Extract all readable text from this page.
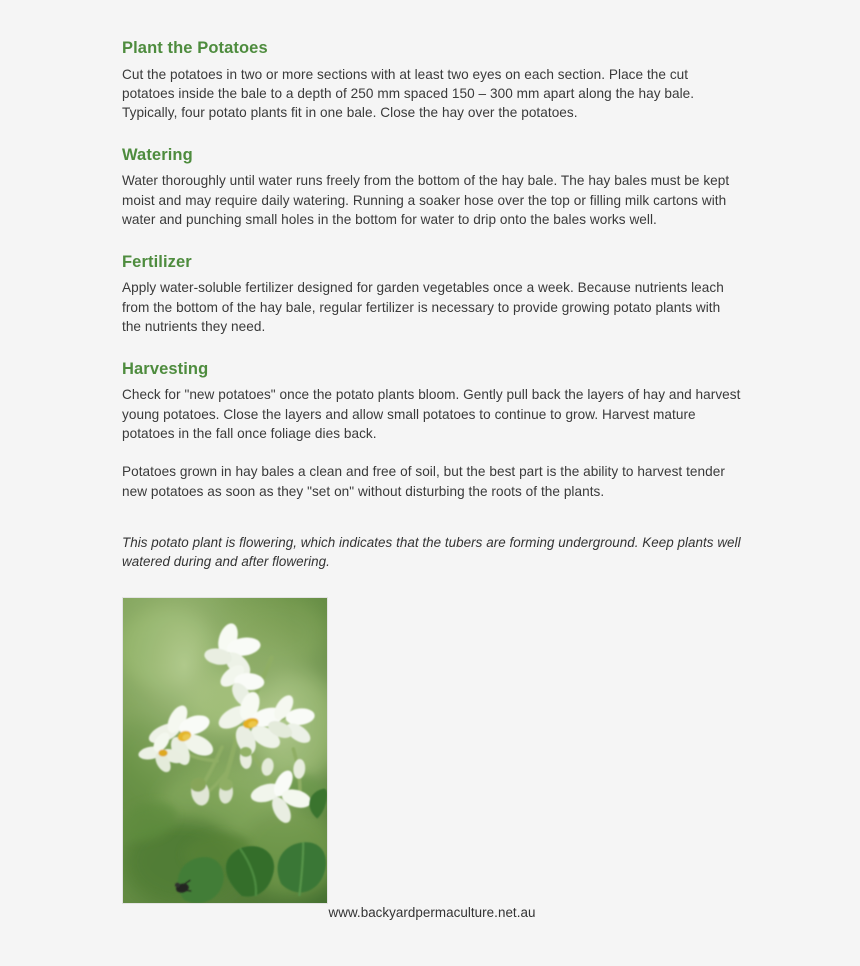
Plant the Potatoes

Cut the potatoes in two or more sections with at least two eyes on each section. Place the cut potatoes inside the bale to a depth of 250 mm spaced 150 – 300 mm apart along the hay bale. Typically, four potato plants fit in one bale. Close the hay over the potatoes.

Watering

Water thoroughly until water runs freely from the bottom of the hay bale. The hay bales must be kept moist and may require daily watering. Running a soaker hose over the top or filling milk cartons with water and punching small holes in the bottom for water to drip onto the bales works well.

Fertilizer

Apply water-soluble fertilizer designed for garden vegetables once a week. Because nutrients leach from the bottom of the hay bale, regular fertilizer is necessary to provide growing potato plants with the nutrients they need.

Harvesting

Check for "new potatoes" once the potato plants bloom. Gently pull back the layers of hay and harvest young potatoes. Close the layers and allow small potatoes to continue to grow. Harvest mature potatoes in the fall once foliage dies back.

Potatoes grown in hay bales a clean and free of soil, but the best part is the ability to harvest tender new potatoes as soon as they "set on" without disturbing the roots of the plants.

This potato plant is flowering, which indicates that the tubers are forming underground. Keep plants well watered during and after flowering.

www.backyardpermaculture.net.au
